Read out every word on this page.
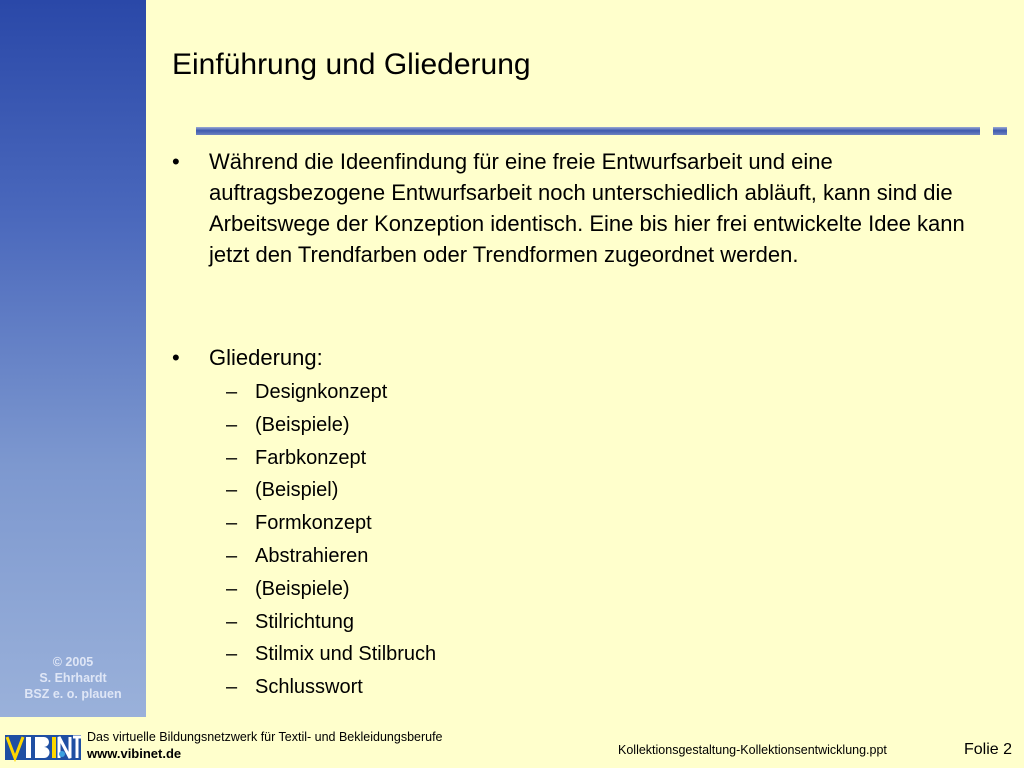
© 2005
S. Ehrhardt
BSZ e. o. plauen
Einführung und Gliederung
• Während die Ideenfindung für eine freie Entwurfsarbeit und eine auftragsbezogene Entwurfsarbeit noch unterschiedlich abläuft, kann sind die Arbeitswege der Konzeption identisch. Eine bis hier frei entwickelte Idee kann jetzt den Trendfarben oder Trendformen zugeordnet werden.
• Gliederung:
– Designkonzept
– (Beispiele)
– Farbkonzept
– (Beispiel)
– Formkonzept
– Abstrahieren
– (Beispiele)
– Stilrichtung
– Stilmix und Stilbruch
– Schlusswort
Das virtuelle Bildungsnetzwerk für Textil- und Bekleidungsberufe
www.vibinet.de	Kollektionsgestaltung-Kollektionsentwicklung.ppt	Folie 2
